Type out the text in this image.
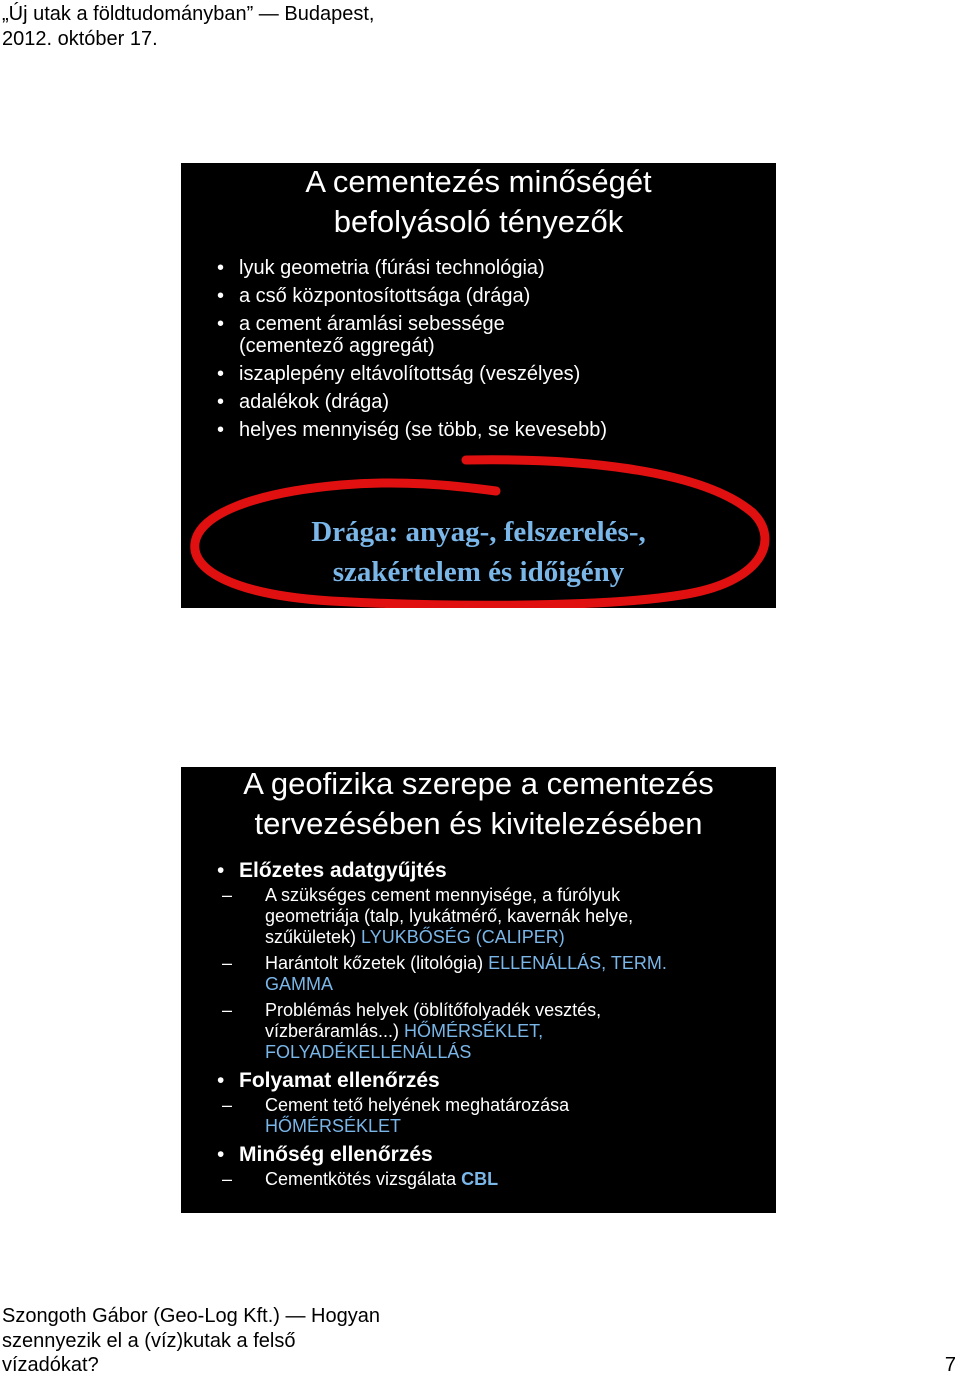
„Új utak a földtudományban” — Budapest,
2012. október 17.
A cementezés minőségét
befolyásoló tényezők
• lyuk geometria (fúrási technológia)
• a cső központosítottsága (drága)
• a cement áramlási sebessége (cementező aggregát)
• iszaplepény eltávolítottság (veszélyes)
• adalékok (drága)
• helyes mennyiség (se több, se kevesebb)
Drága: anyag-, felszerelés-,
szakértelem és időigény
A geofizika szerepe a cementezés
tervezésében és kivitelezésében
• Előzetes adatgyűjtés
– A szükséges cement mennyisége, a fúrólyuk geometriája (talp, lyukátmérő, kavernák helye, szűkületek) LYUKBŐSÉG (CALIPER)
– Harántolt kőzetek (litológia) ELLENÁLLÁS, TERM. GAMMA
– Problémás helyek (öblítőfolyadék vesztés, vízberáramlás...) HŐMÉRSÉKLET, FOLYADÉKELLENÁLLÁS
• Folyamat ellenőrzés
– Cement tető helyének meghatározása HŐMÉRSÉKLET
• Minőség ellenőrzés
– Cementkötés vizsgálata CBL
Szongoth Gábor (Geo-Log Kft.) — Hogyan
szennyezik el a (víz)kutak a felső
vízadókat?	7
